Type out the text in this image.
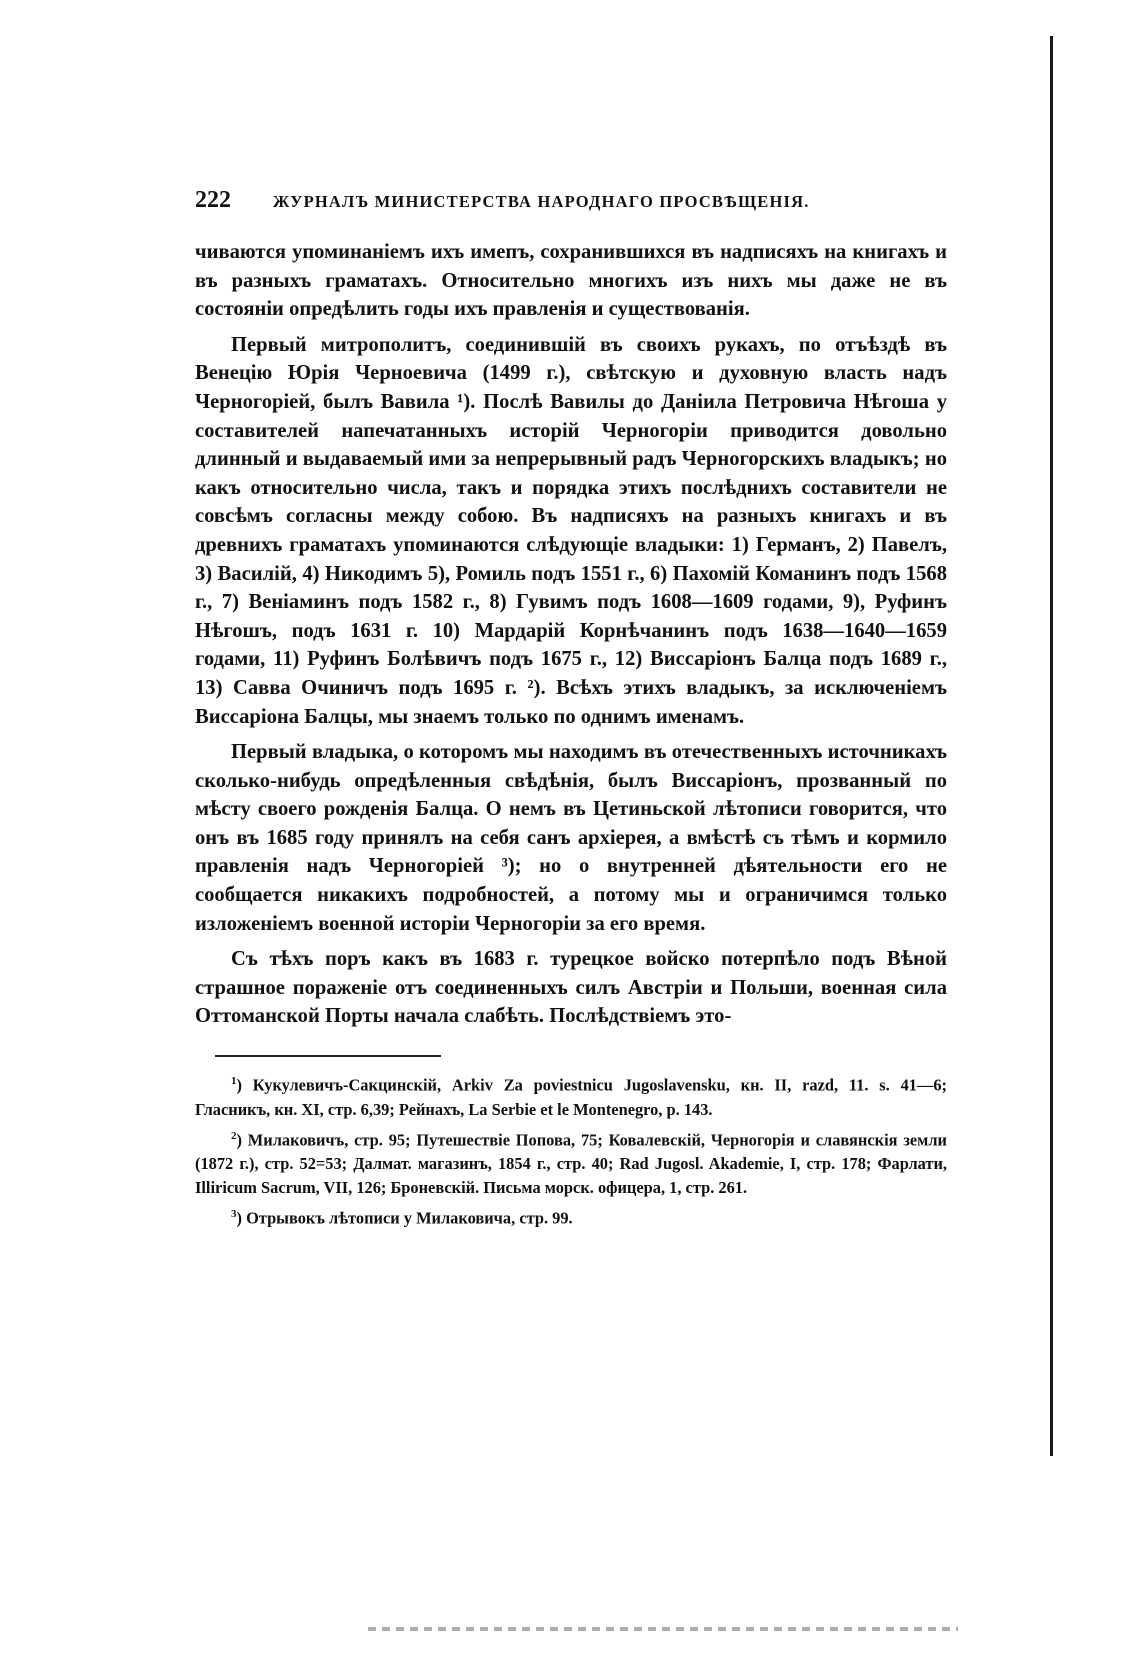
222	ЖУРНАЛЪ МИНИСТЕРСТВА НАРОДНАГО ПРОСВѢЩЕНІЯ.

чиваются упоминаніемъ ихъ имепъ, сохранившихся въ надписяхъ на книгахъ и въ разныхъ граматахъ. Относительно многихъ изъ нихъ мы даже не въ состояніи опредѣлить годы ихъ правленія и существованія.

Первый митрополитъ, соединившій въ своихъ рукахъ, по отъѣздѣ въ Венецію Юрія Черноевича (1499 г.), свѣтскую и духовную власть надъ Черногоріей, былъ Вавила ¹). Послѣ Вавилы до Даніила Петровича Нѣгоша у составителей напечатанныхъ исторій Черногоріи приводится довольно длинный и выдаваемый ими за непрерывный радъ Черногорскихъ владыкъ; но какъ относительно числа, такъ и порядка этихъ послѣднихъ составители не совсѣмъ согласны между собою. Въ надписяхъ на разныхъ книгахъ и въ древнихъ граматахъ упоминаются слѣдующіе владыки: 1) Германъ, 2) Павелъ, 3) Василій, 4) Никодимъ 5), Ромиль подъ 1551 г., 6) Пахомій Команинъ подъ 1568 г., 7) Веніаминъ подъ 1582 г., 8) Гувимъ подъ 1608—1609 годами, 9), Руфинъ Нѣгошъ, подъ 1631 г. 10) Мардарій Корнѣчанинъ подъ 1638—1640—1659 годами, 11) Руфинъ Болѣвичъ подъ 1675 г., 12) Виссаріонъ Балца подъ 1689 г., 13) Савва Очиничъ подъ 1695 г. ²). Всѣхъ этихъ владыкъ, за исключеніемъ Виссаріона Балцы, мы знаемъ только по однимъ именамъ.

Первый владыка, о которомъ мы находимъ въ отечественныхъ источникахъ сколько-нибудь опредѣленныя свѣдѣнія, былъ Виссаріонъ, прозванный по мѣсту своего рожденія Балца. О немъ въ Цетиньской лѣтописи говорится, что онъ въ 1685 году принялъ на себя санъ архіерея, а вмѣстѣ съ тѣмъ и кормило правленія надъ Черногоріей ³); но о внутренней дѣятельности его не сообщается никакихъ подробностей, а потому мы и ограничимся только изложеніемъ военной исторіи Черногоріи за его время.

Съ тѣхъ поръ какъ въ 1683 г. турецкое войско потерпѣло подъ Вѣной страшное пораженіе отъ соединенныхъ силъ Австріи и Польши, военная сила Оттоманской Порты начала слабѣть. Послѣдствіемъ это-

$^1$) Кукулевичъ-Сакцинскій, Arkiv Za poviestnicu Jugoslavensku, кн. II, razd, 11. s. 41—6; Гласникъ, кн. XI, стр. 6,39; Рейнахъ, La Serbie et le Montenegro, p. 143.

$^2$) Милаковичъ, стр. 95; Путешествіе Попова, 75; Ковалевскій, Черногорія и славянскія земли (1872 г.), стр. 52=53; Далмат. магазинъ, 1854 г., стр. 40; Rad Jugosl. Akademie, I, стр. 178; Фарлати, Illiricum Sacrum, VII, 126; Броневскій. Письма морск. офицера, 1, стр. 261.

$^3$) Отрывокъ лѣтописи у Милаковича, стр. 99.
